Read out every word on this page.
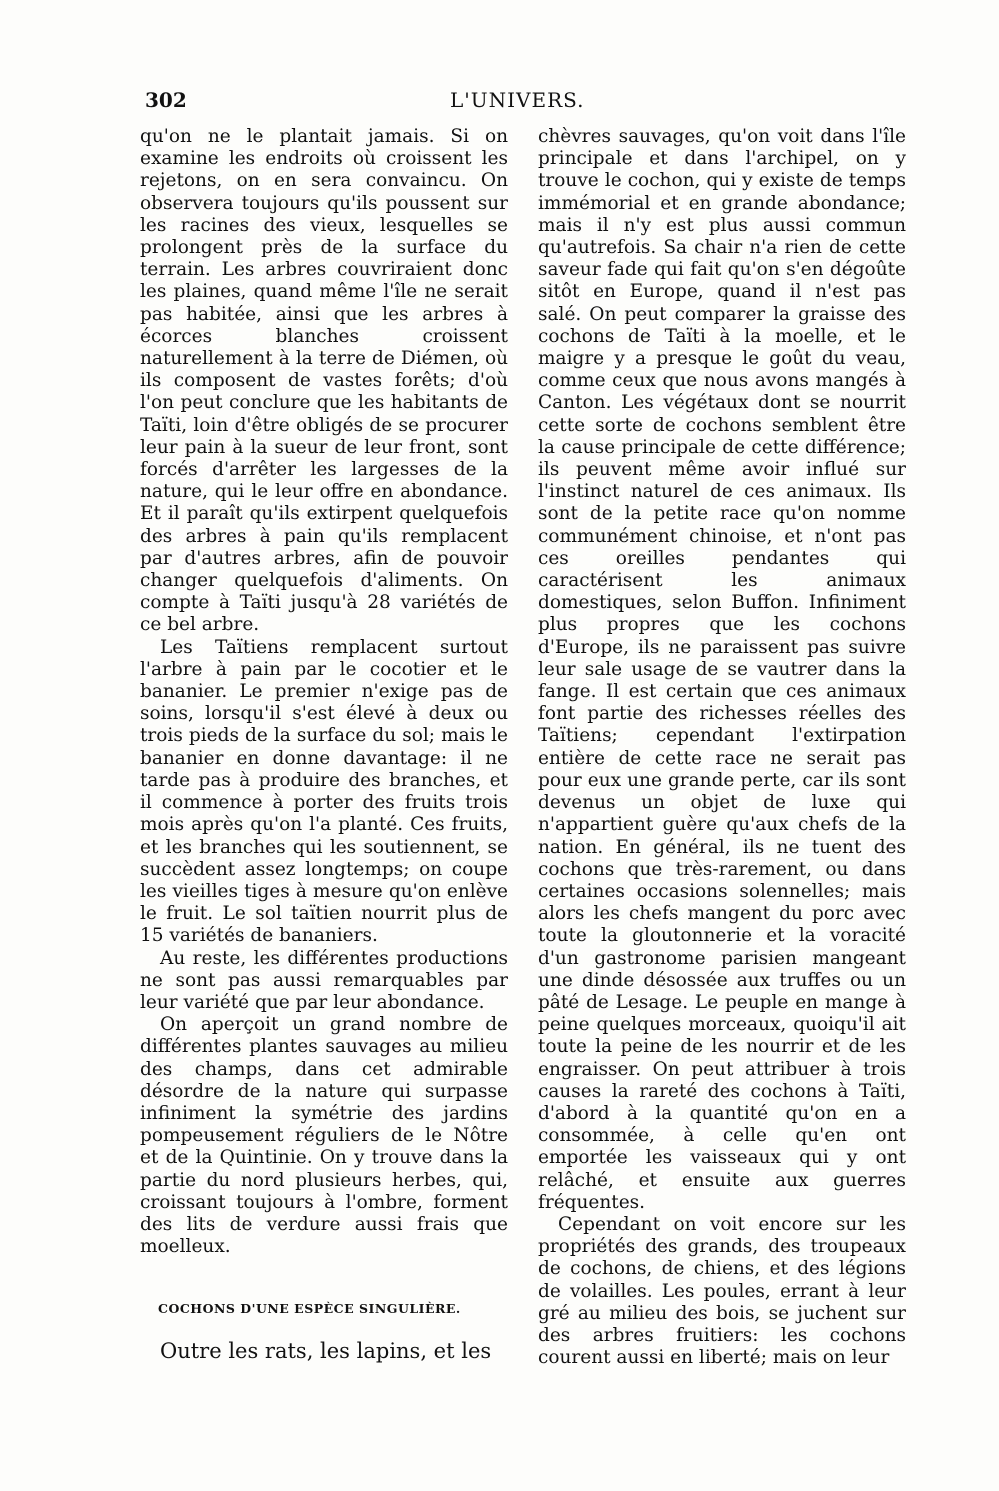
302	L'UNIVERS.

qu'on ne le plantait jamais. Si on examine les endroits où croissent les rejetons, on en sera convaincu. On observera toujours qu'ils poussent sur les racines des vieux, lesquelles se prolongent près de la surface du terrain. Les arbres couvriraient donc les plaines, quand même l'île ne serait pas habitée, ainsi que les arbres à écorces blanches croissent naturellement à la terre de Diémen, où ils composent de vastes forêts; d'où l'on peut conclure que les habitants de Taïti, loin d'être obligés de se procurer leur pain à la sueur de leur front, sont forcés d'arrêter les largesses de la nature, qui le leur offre en abondance. Et il paraît qu'ils extirpent quelquefois des arbres à pain qu'ils remplacent par d'autres arbres, afin de pouvoir changer quelquefois d'aliments. On compte à Taïti jusqu'à 28 variétés de ce bel arbre.

Les Taïtiens remplacent surtout l'arbre à pain par le cocotier et le bananier. Le premier n'exige pas de soins, lorsqu'il s'est élevé à deux ou trois pieds de la surface du sol; mais le bananier en donne davantage: il ne tarde pas à produire des branches, et il commence à porter des fruits trois mois après qu'on l'a planté. Ces fruits, et les branches qui les soutiennent, se succèdent assez longtemps; on coupe les vieilles tiges à mesure qu'on enlève le fruit. Le sol taïtien nourrit plus de 15 variétés de bananiers.

Au reste, les différentes productions ne sont pas aussi remarquables par leur variété que par leur abondance.

On aperçoit un grand nombre de différentes plantes sauvages au milieu des champs, dans cet admirable désordre de la nature qui surpasse infiniment la symétrie des jardins pompeusement réguliers de le Nôtre et de la Quintinie. On y trouve dans la partie du nord plusieurs herbes, qui, croissant toujours à l'ombre, forment des lits de verdure aussi frais que moelleux.

COCHONS D'UNE ESPÈCE SINGULIÈRE.

Outre les rats, les lapins, et les

chèvres sauvages, qu'on voit dans l'île principale et dans l'archipel, on y trouve le cochon, qui y existe de temps immémorial et en grande abondance; mais il n'y est plus aussi commun qu'autrefois. Sa chair n'a rien de cette saveur fade qui fait qu'on s'en dégoûte sitôt en Europe, quand il n'est pas salé. On peut comparer la graisse des cochons de Taïti à la moelle, et le maigre y a presque le goût du veau, comme ceux que nous avons mangés à Canton. Les végétaux dont se nourrit cette sorte de cochons semblent être la cause principale de cette différence; ils peuvent même avoir influé sur l'instinct naturel de ces animaux. Ils sont de la petite race qu'on nomme communément chinoise, et n'ont pas ces oreilles pendantes qui caractérisent les animaux domestiques, selon Buffon. Infiniment plus propres que les cochons d'Europe, ils ne paraissent pas suivre leur sale usage de se vautrer dans la fange. Il est certain que ces animaux font partie des richesses réelles des Taïtiens; cependant l'extirpation entière de cette race ne serait pas pour eux une grande perte, car ils sont devenus un objet de luxe qui n'appartient guère qu'aux chefs de la nation. En général, ils ne tuent des cochons que très-rarement, ou dans certaines occasions solennelles; mais alors les chefs mangent du porc avec toute la gloutonnerie et la voracité d'un gastronome parisien mangeant une dinde désossée aux truffes ou un pâté de Lesage. Le peuple en mange à peine quelques morceaux, quoiqu'il ait toute la peine de les nourrir et de les engraisser. On peut attribuer à trois causes la rareté des cochons à Taïti, d'abord à la quantité qu'on en a consommée, à celle qu'en ont emportée les vaisseaux qui y ont relâché, et ensuite aux guerres fréquentes.

Cependant on voit encore sur les propriétés des grands, des troupeaux de cochons, de chiens, et des légions de volailles. Les poules, errant à leur gré au milieu des bois, se juchent sur des arbres fruitiers: les cochons courent aussi en liberté; mais on leur
